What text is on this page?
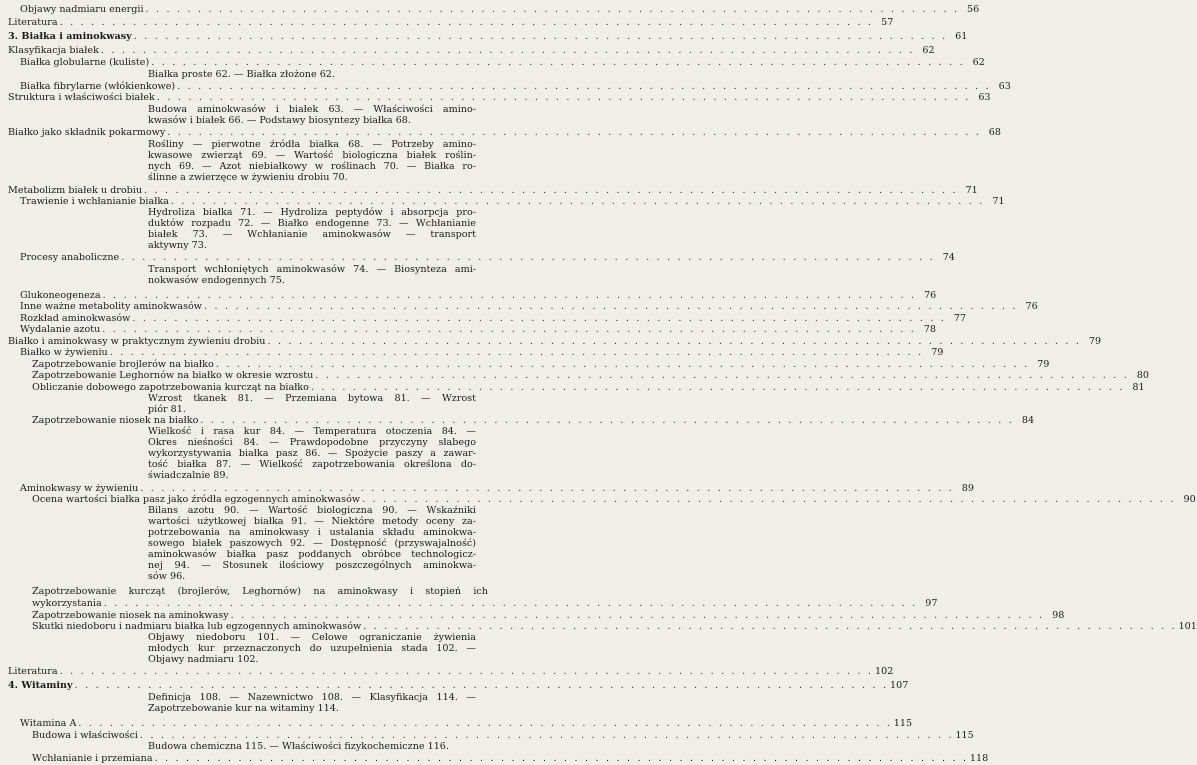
Zapotrzebowanie kurcząt (brojlerów, Leghornów) na aminokwasy i stopień ich
wykorzystania . . . . . . . . . . . . . . . . . . . . . . . . . . . . . . . . . . . . . . . . . . . . . . . . . . . . . . . . . . . . . . . . . . . . . . . . . . . . . . 97
Objawy nadmiaru energii . . . . . . . . . . . . . . . . . . . . . . . . . . . . . . . . . . . . . . . . . . . . . . . . . . . . . . . . . . . . . . . . . . . . . . . . . . . . . . 56
Literatura . . . . . . . . . . . . . . . . . . . . . . . . . . . . . . . . . . . . . . . . . . . . . . . . . . . . . . . . . . . . . . . . . . . . . . . . . . . . . . 57
3. Białka i aminokwasy . . . . . . . . . . . . . . . . . . . . . . . . . . . . . . . . . . . . . . . . . . . . . . . . . . . . . . . . . . . . . . . . . . . . . . . . . . . . . . 61
Klasyfikacja białek . . . . . . . . . . . . . . . . . . . . . . . . . . . . . . . . . . . . . . . . . . . . . . . . . . . . . . . . . . . . . . . . . . . . . . . . . . . . . . 62
Białka globularne (kuliste) . . . . . . . . . . . . . . . . . . . . . . . . . . . . . . . . . . . . . . . . . . . . . . . . . . . . . . . . . . . . . . . . . . . . . . . . . . . . . . 62
Białka fibrylarne (włókienkowe) . . . . . . . . . . . . . . . . . . . . . . . . . . . . . . . . . . . . . . . . . . . . . . . . . . . . . . . . . . . . . . . . . . . . . . . . . . . . . . 63
Struktura i właściwości białek . . . . . . . . . . . . . . . . . . . . . . . . . . . . . . . . . . . . . . . . . . . . . . . . . . . . . . . . . . . . . . . . . . . . . . . . . . . . . . 63
Białko jako składnik pokarmowy . . . . . . . . . . . . . . . . . . . . . . . . . . . . . . . . . . . . . . . . . . . . . . . . . . . . . . . . . . . . . . . . . . . . . . . . . . . . . . 68
Metabolizm białek u drobiu . . . . . . . . . . . . . . . . . . . . . . . . . . . . . . . . . . . . . . . . . . . . . . . . . . . . . . . . . . . . . . . . . . . . . . . . . . . . . . 71
Trawienie i wchłanianie białka . . . . . . . . . . . . . . . . . . . . . . . . . . . . . . . . . . . . . . . . . . . . . . . . . . . . . . . . . . . . . . . . . . . . . . . . . . . . . . 71
Procesy anaboliczne . . . . . . . . . . . . . . . . . . . . . . . . . . . . . . . . . . . . . . . . . . . . . . . . . . . . . . . . . . . . . . . . . . . . . . . . . . . . . . 74
Glukoneogeneza . . . . . . . . . . . . . . . . . . . . . . . . . . . . . . . . . . . . . . . . . . . . . . . . . . . . . . . . . . . . . . . . . . . . . . . . . . . . . . 76
Inne ważne metabolity aminokwasów . . . . . . . . . . . . . . . . . . . . . . . . . . . . . . . . . . . . . . . . . . . . . . . . . . . . . . . . . . . . . . . . . . . . . . . . . . . . . . 76
Rozkład aminokwasów . . . . . . . . . . . . . . . . . . . . . . . . . . . . . . . . . . . . . . . . . . . . . . . . . . . . . . . . . . . . . . . . . . . . . . . . . . . . . . 77
Wydalanie azotu . . . . . . . . . . . . . . . . . . . . . . . . . . . . . . . . . . . . . . . . . . . . . . . . . . . . . . . . . . . . . . . . . . . . . . . . . . . . . . 78
Białko i aminokwasy w praktycznym żywieniu drobiu . . . . . . . . . . . . . . . . . . . . . . . . . . . . . . . . . . . . . . . . . . . . . . . . . . . . . . . . . . . . . . . . . . . . . . . . . . . . . . 79
Białko w żywieniu . . . . . . . . . . . . . . . . . . . . . . . . . . . . . . . . . . . . . . . . . . . . . . . . . . . . . . . . . . . . . . . . . . . . . . . . . . . . . . 79
Zapotrzebowanie brojlerów na białko . . . . . . . . . . . . . . . . . . . . . . . . . . . . . . . . . . . . . . . . . . . . . . . . . . . . . . . . . . . . . . . . . . . . . . . . . . . . . . 79
Zapotrzebowanie Leghornów na białko w okresie wzrostu . . . . . . . . . . . . . . . . . . . . . . . . . . . . . . . . . . . . . . . . . . . . . . . . . . . . . . . . . . . . . . . . . . . . . . . . . . . . . . 80
Obliczanie dobowego zapotrzebowania kurcząt na białko . . . . . . . . . . . . . . . . . . . . . . . . . . . . . . . . . . . . . . . . . . . . . . . . . . . . . . . . . . . . . . . . . . . . . . . . . . . . . . 81
Zapotrzebowanie niosek na białko . . . . . . . . . . . . . . . . . . . . . . . . . . . . . . . . . . . . . . . . . . . . . . . . . . . . . . . . . . . . . . . . . . . . . . . . . . . . . . 84
Aminokwasy w żywieniu . . . . . . . . . . . . . . . . . . . . . . . . . . . . . . . . . . . . . . . . . . . . . . . . . . . . . . . . . . . . . . . . . . . . . . . . . . . . . . 89
Ocena wartości białka pasz jako źródła egzogennych aminokwasów . . . . . . . . . . . . . . . . . . . . . . . . . . . . . . . . . . . . . . . . . . . . . . . . . . . . . . . . . . . . . . . . . . . . . . . . . . . . . . 90
Zapotrzebowanie niosek na aminokwasy . . . . . . . . . . . . . . . . . . . . . . . . . . . . . . . . . . . . . . . . . . . . . . . . . . . . . . . . . . . . . . . . . . . . . . . . . . . . . . 98
Skutki niedoboru i nadmiaru białka lub egzogennych aminokwasów . . . . . . . . . . . . . . . . . . . . . . . . . . . . . . . . . . . . . . . . . . . . . . . . . . . . . . . . . . . . . . . . . . . . . . . . . . . . . . 101
Literatura . . . . . . . . . . . . . . . . . . . . . . . . . . . . . . . . . . . . . . . . . . . . . . . . . . . . . . . . . . . . . . . . . . . . . . . . . . . . . . 102
4. Witaminy . . . . . . . . . . . . . . . . . . . . . . . . . . . . . . . . . . . . . . . . . . . . . . . . . . . . . . . . . . . . . . . . . . . . . . . . . . . . . . 107
Witamina A . . . . . . . . . . . . . . . . . . . . . . . . . . . . . . . . . . . . . . . . . . . . . . . . . . . . . . . . . . . . . . . . . . . . . . . . . . . . . . 115
Budowa i właściwości . . . . . . . . . . . . . . . . . . . . . . . . . . . . . . . . . . . . . . . . . . . . . . . . . . . . . . . . . . . . . . . . . . . . . . . . . . . . . . 115
Wchłanianie i przemiana . . . . . . . . . . . . . . . . . . . . . . . . . . . . . . . . . . . . . . . . . . . . . . . . . . . . . . . . . . . . . . . . . . . . . . . . . . . . . . 118
Białka proste 62. — Białka złożone 62.
Budowa aminokwasów i białek 63. — Właściwości amino-
kwasów i białek 66. — Podstawy biosyntezy białka 68.
Rośliny — pierwotne źródła białka 68. — Potrzeby amino-
kwasowe zwierząt 69. — Wartość biologiczna białek roślin-
nych 69. — Azot niebiałkowy w roślinach 70. — Białka ro-
ślinne a zwierzęce w żywieniu drobiu 70.
Hydroliza białka 71. — Hydroliza peptydów i absorpcja pro-
duktów rozpadu 72. — Białko endogenne 73. — Wchłanianie
białek 73. — Wchłanianie aminokwasów — transport
aktywny 73.
Transport wchłoniętych aminokwasów 74. — Biosynteza ami-
nokwasów endogennych 75.
Wzrost tkanek 81. — Przemiana bytowa 81. — Wzrost
piór 81.
Wielkość i rasa kur 84. — Temperatura otoczenia 84. —
Okres nieśności 84. — Prawdopodobne przyczyny słabego
wykorzystywania białka pasz 86. — Spożycie paszy a zawar-
tość białka 87. — Wielkość zapotrzebowania określona do-
świadczalnie 89.
Bilans azotu 90. — Wartość biologiczna 90. — Wskaźniki
wartości użytkowej białka 91. — Niektóre metody oceny za-
potrzebowania na aminokwasy i ustalania składu aminokwa-
sowego białek paszowych 92. — Dostępność (przyswajalność)
aminokwasów białka pasz poddanych obróbce technologicz-
nej 94. — Stosunek ilościowy poszczególnych aminokwa-
sów 96.
Objawy niedoboru 101. — Celowe ograniczanie żywienia
młodych kur przeznaczonych do uzupełnienia stada 102. —
Objawy nadmiaru 102.
Definicja 108. — Nazewnictwo 108. — Klasyfikacja 114. —
Zapotrzebowanie kur na witaminy 114.
Budowa chemiczna 115. — Właściwości fizykochemiczne 116.
